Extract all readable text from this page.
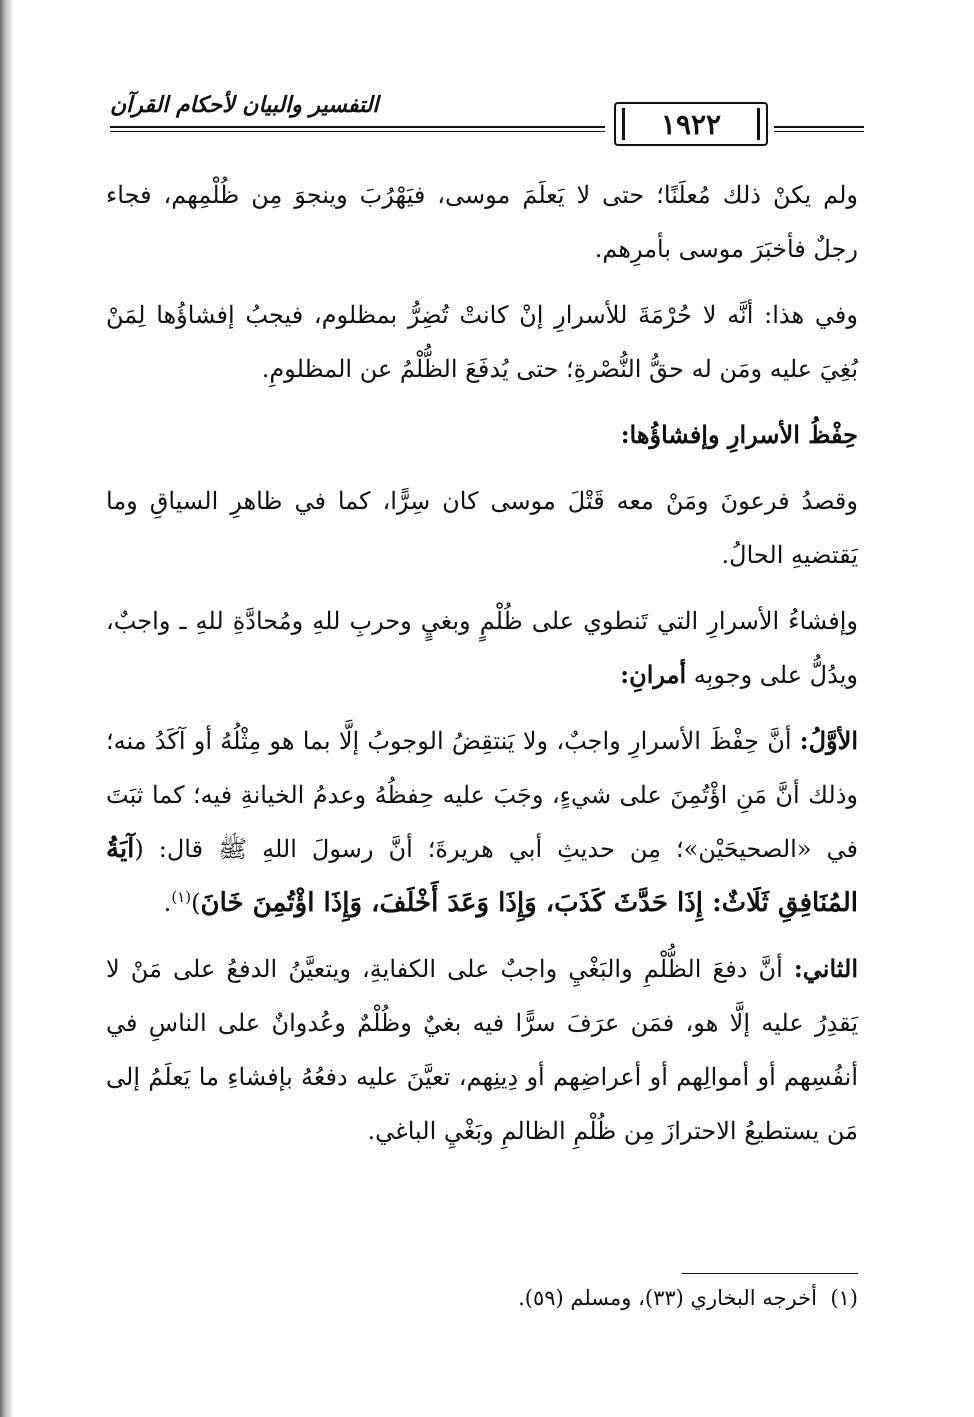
التفسير والبيان لأحكام القرآن
١٩٢٢

ولم يكنْ ذلك مُعلَنًا؛ حتى لا يَعلَمَ موسى، فيَهْرُبَ وينجوَ مِن ظُلْمِهم، فجاء رجلٌ فأخبَرَ موسى بأمرِهم.

وفي هذا: أنَّه لا حُرْمَةَ للأسرارِ إنْ كانتْ تُضِرُّ بمظلوم، فيجبُ إفشاؤُها لِمَنْ بُغِيَ عليه ومَن له حقُّ النُّصْرةِ؛ حتى يُدفَعَ الظُّلْمُ عن المظلومِ.

حِفْظُ الأسرارِ وإفشاؤُها:

وقصدُ فرعونَ ومَنْ معه قَتْلَ موسى كان سِرًّا، كما في ظاهرِ السياقِ وما يَقتضيهِ الحالُ.

وإفشاءُ الأسرارِ التي تَنطوي على ظُلْمٍ وبغيٍ وحربِ للهِ ومُحادَّةِ للهِ ـ واجبٌ، ويدُلُّ على وجوبِه أمرانِ:

الأوَّلُ: أنَّ حِفْظَ الأسرارِ واجبٌ، ولا يَنتقِضُ الوجوبُ إلَّا بما هو مِثْلُهُ أو آكَدُ منه؛ وذلك أنَّ مَنِ اؤْتُمِنَ على شيءٍ، وجَبَ عليه حِفظُهُ وعدمُ الخيانةِ فيه؛ كما ثبَتَ في «الصحيحَيْن»؛ مِن حديثِ أبي هريرةَ؛ أنَّ رسولَ اللهِ ﷺ قال: (آيَةُ المُنَافِقِ ثَلَاثٌ: إِذَا حَدَّثَ كَذَبَ، وَإِذَا وَعَدَ أَخْلَفَ، وَإِذَا اؤْتُمِنَ خَانَ)$^{(١)}$.

الثاني: أنَّ دفعَ الظُّلْمِ والبَغْيِ واجبٌ على الكفايةِ، ويتعيَّنُ الدفعُ على مَنْ لا يَقدِرُ عليه إلَّا هو، فمَن عرَفَ سرًّا فيه بغيٌ وظُلْمٌ وعُدوانٌ على الناسِ في أنفُسِهم أو أموالِهم أو أعراضِهم أو دِينِهم، تعيَّنَ عليه دفعُهُ بإفشاءِ ما يَعلَمُ إلى مَن يستطيعُ الاحترازَ مِن ظُلْمِ الظالمِ وبَغْيِ الباغي.

(١)  أخرجه البخاري (٣٣)، ومسلم (٥٩).
